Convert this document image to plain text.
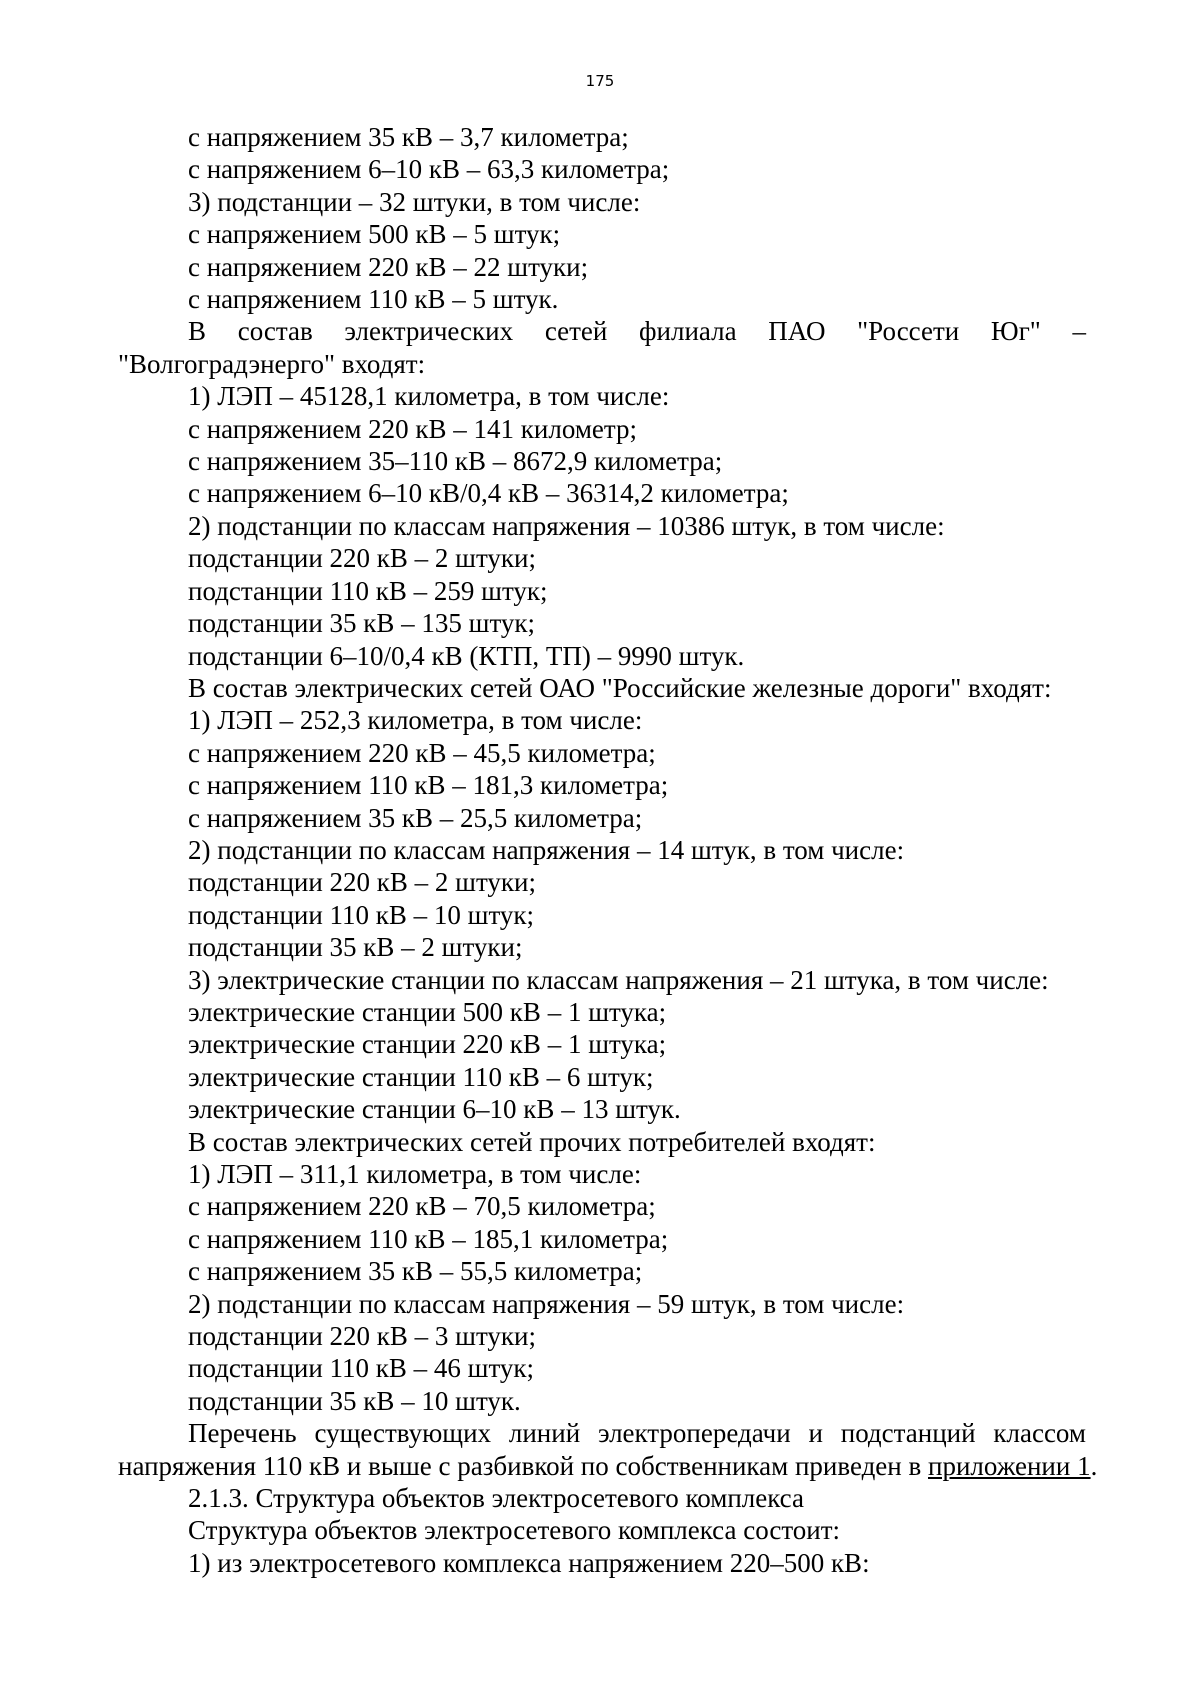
175
с напряжением 35 кВ – 3,7 километра;
с напряжением 6–10 кВ – 63,3 километра;
3) подстанции – 32 штуки, в том числе:
с напряжением 500 кВ – 5 штук;
с напряжением 220 кВ – 22 штуки;
с напряжением 110 кВ – 5 штук.
В состав электрических сетей филиала ПАО "Россети Юг" –
"Волгоградэнерго" входят:
1) ЛЭП – 45128,1 километра, в том числе:
с напряжением 220 кВ – 141 километр;
с напряжением 35–110 кВ – 8672,9 километра;
с напряжением 6–10 кВ/0,4 кВ – 36314,2 километра;
2) подстанции по классам напряжения – 10386 штук, в том числе:
подстанции 220 кВ – 2 штуки;
подстанции 110 кВ – 259 штук;
подстанции 35 кВ – 135 штук;
подстанции 6–10/0,4 кВ (КТП, ТП) – 9990 штук.
В состав электрических сетей ОАО "Российские железные дороги" входят:
1) ЛЭП – 252,3 километра, в том числе:
с напряжением 220 кВ – 45,5 километра;
с напряжением 110 кВ – 181,3 километра;
с напряжением 35 кВ – 25,5 километра;
2) подстанции по классам напряжения – 14 штук, в том числе:
подстанции 220 кВ – 2 штуки;
подстанции 110 кВ – 10 штук;
подстанции 35 кВ – 2 штуки;
3) электрические станции по классам напряжения – 21 штука, в том числе:
электрические станции 500 кВ – 1 штука;
электрические станции 220 кВ – 1 штука;
электрические станции 110 кВ – 6 штук;
электрические станции 6–10 кВ – 13 штук.
В состав электрических сетей прочих потребителей входят:
1) ЛЭП – 311,1 километра, в том числе:
с напряжением 220 кВ – 70,5 километра;
с напряжением 110 кВ – 185,1 километра;
с напряжением 35 кВ – 55,5 километра;
2) подстанции по классам напряжения – 59 штук, в том числе:
подстанции 220 кВ – 3 штуки;
подстанции 110 кВ – 46 штук;
подстанции 35 кВ – 10 штук.
Перечень существующих линий электропередачи и подстанций классом
напряжения 110 кВ и выше с разбивкой по собственникам приведен в приложении 1.
2.1.3. Структура объектов электросетевого комплекса
Структура объектов электросетевого комплекса состоит:
1) из электросетевого комплекса напряжением 220–500 кВ:
